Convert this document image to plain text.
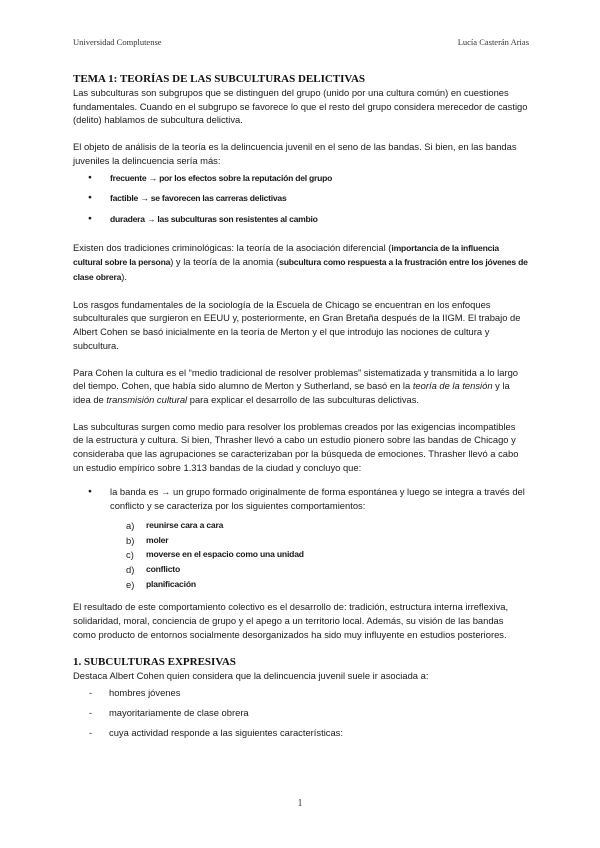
Universidad Complutense	Lucía Casterán Arias
TEMA 1: TEORÍAS DE LAS SUBCULTURAS DELICTIVAS

Las subculturas son subgrupos que se distinguen del grupo (unido por una cultura común) en cuestiones fundamentales. Cuando en el subgrupo se favorece lo que el resto del grupo considera merecedor de castigo (delito) hablamos de subcultura delictiva.

El objeto de análisis de la teoría es la delincuencia juvenil en el seno de las bandas. Si bien, en las bandas juveniles la delincuencia sería más:

● frecuente → por los efectos sobre la reputación del grupo
● factible → se favorecen las carreras delictivas
● duradera → las subculturas son resistentes al cambio

Existen dos tradiciones criminológicas: la teoría de la asociación diferencial (importancia de la influencia cultural sobre la persona) y la teoría de la anomia (subcultura como respuesta a la frustración entre los jóvenes de clase obrera).

Los rasgos fundamentales de la sociología de la Escuela de Chicago se encuentran en los enfoques subculturales que surgieron en EEUU y, posteriormente, en Gran Bretaña después de la IIGM. El trabajo de Albert Cohen se basó inicialmente en la teoría de Merton y el que introdujo las nociones de cultura y subcultura.

Para Cohen la cultura es el “medio tradicional de resolver problemas” sistematizada y transmitida a lo largo del tiempo. Cohen, que había sido alumno de Merton y Sutherland, se basó en la teoría de la tensión y la idea de transmisión cultural para explicar el desarrollo de las subculturas delictivas.

Las subculturas surgen como medio para resolver los problemas creados por las exigencias incompatibles de la estructura y cultura. Si bien, Thrasher llevó a cabo un estudio pionero sobre las bandas de Chicago y consideraba que las agrupaciones se caracterizaban por la búsqueda de emociones. Thrasher llevó a cabo un estudio empírico sobre 1.313 bandas de la ciudad y concluyo que:

● la banda es → un grupo formado originalmente de forma espontánea y luego se integra a través del conflicto y se caracteriza por los siguientes comportamientos:
a) reunirse cara a cara
b) moler
c) moverse en el espacio como una unidad
d) conflicto
e) planificación

El resultado de este comportamiento colectivo es el desarrollo de: tradición, estructura interna irreflexiva, solidaridad, moral, conciencia de grupo y el apego a un territorio local. Además, su visión de las bandas como producto de entornos socialmente desorganizados ha sido muy influyente en estudios posteriores.

1. SUBCULTURAS EXPRESIVAS

Destaca Albert Cohen quien considera que la delincuencia juvenil suele ir asociada a:

- hombres jóvenes
- mayoritariamente de clase obrera
- cuya actividad responde a las siguientes características:
1
